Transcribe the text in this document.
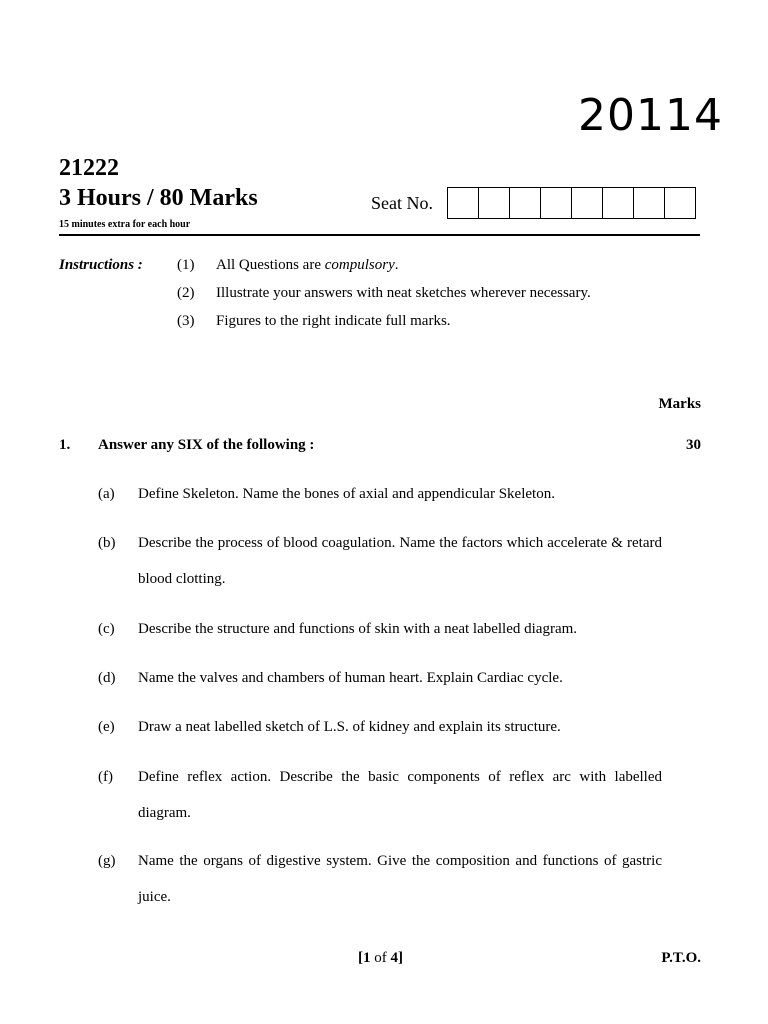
20114
21222
3 Hours / 80 Marks
15 minutes extra for each hour
Seat No.
Instructions : (1) All Questions are compulsory.
(2) Illustrate your answers with neat sketches wherever necessary.
(3) Figures to the right indicate full marks.
Marks
1. Answer any SIX of the following :	30
(a) Define Skeleton. Name the bones of axial and appendicular Skeleton.
(b) Describe the process of blood coagulation. Name the factors which accelerate & retard blood clotting.
(c) Describe the structure and functions of skin with a neat labelled diagram.
(d) Name the valves and chambers of human heart. Explain Cardiac cycle.
(e) Draw a neat labelled sketch of L.S. of kidney and explain its structure.
(f) Define reflex action. Describe the basic components of reflex arc with labelled diagram.
(g) Name the organs of digestive system. Give the composition and functions of gastric juice.
[1 of 4]	P.T.O.
